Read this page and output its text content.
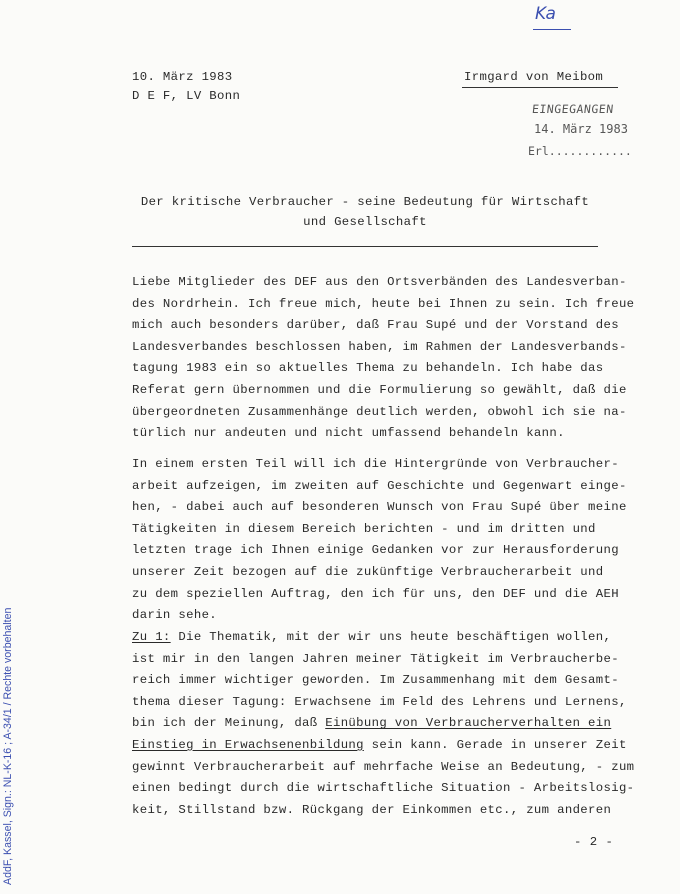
Ka
10. März 1983
D E F, LV Bonn
Irmgard von Meibom
EINGEGANGEN
14. März 1983
Erl............
Der kritische Verbraucher - seine Bedeutung für Wirtschaft
und Gesellschaft
Liebe Mitglieder des DEF aus den Ortsverbänden des Landesverban-
des Nordrhein. Ich freue mich, heute bei Ihnen zu sein. Ich freue
mich auch besonders darüber, daß Frau Supé und der Vorstand des
Landesverbandes beschlossen haben, im Rahmen der Landesverbands-
tagung 1983 ein so aktuelles Thema zu behandeln. Ich habe das
Referat gern übernommen und die Formulierung so gewählt, daß die
übergeordneten Zusammenhänge deutlich werden, obwohl ich sie na-
türlich nur andeuten und nicht umfassend behandeln kann.
In einem ersten Teil will ich die Hintergründe von Verbraucher-
arbeit aufzeigen, im zweiten auf Geschichte und Gegenwart einge-
hen, - dabei auch auf besonderen Wunsch von Frau Supé über meine
Tätigkeiten in diesem Bereich berichten - und im dritten und
letzten trage ich Ihnen einige Gedanken vor zur Herausforderung
unserer Zeit bezogen auf die zukünftige Verbraucherarbeit und
zu dem speziellen Auftrag, den ich für uns, den DEF und die AEH
darin sehe.
Zu 1: Die Thematik, mit der wir uns heute beschäftigen wollen,
ist mir in den langen Jahren meiner Tätigkeit im Verbraucherbe-
reich immer wichtiger geworden. Im Zusammenhang mit dem Gesamt-
thema dieser Tagung: Erwachsene im Feld des Lehrens und Lernens,
bin ich der Meinung, daß Einübung von Verbraucherverhalten ein
Einstieg in Erwachsenenbildung sein kann. Gerade in unserer Zeit
gewinnt Verbraucherarbeit auf mehrfache Weise an Bedeutung, - zum
einen bedingt durch die wirtschaftliche Situation - Arbeitslosig-
keit, Stillstand bzw. Rückgang der Einkommen etc., zum anderen
- 2 -
AddF, Kassel, Sign.: NL-K-16 ; A-34/1 / Rechte vorbehalten
